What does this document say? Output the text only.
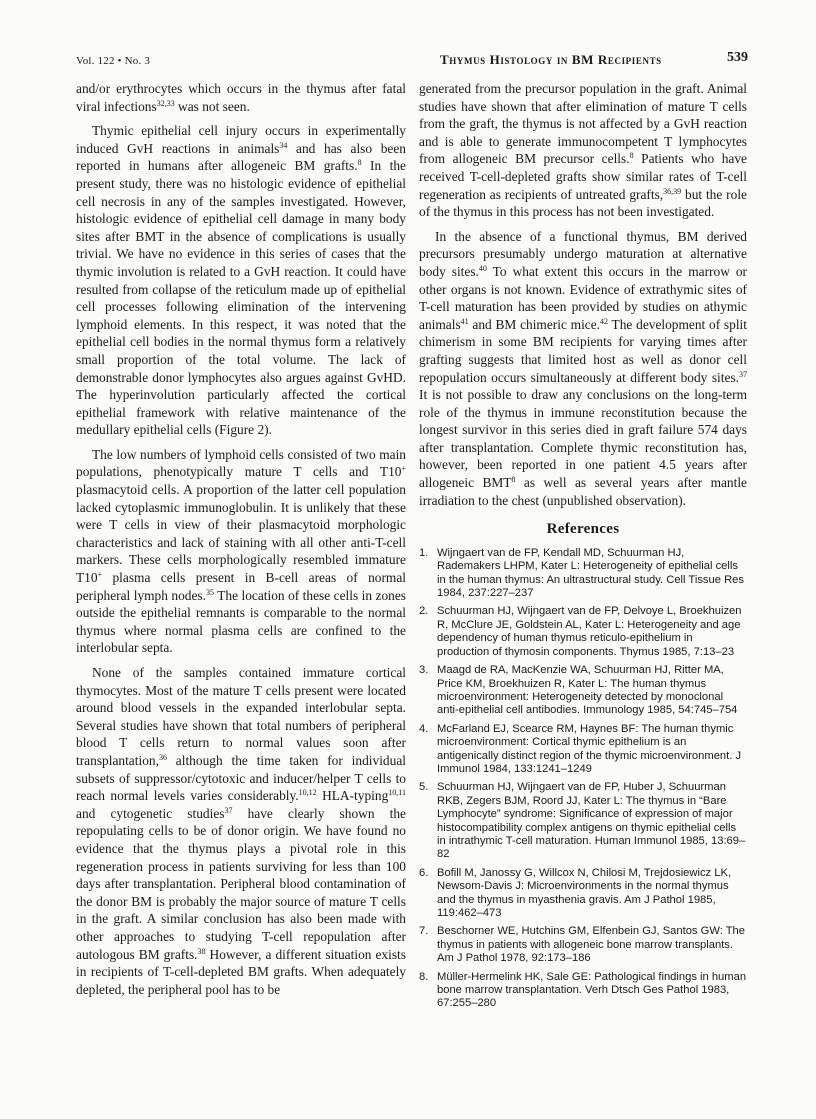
Vol. 122 • No. 3	Thymus Histology in BM Recipients	539

and/or erythrocytes which occurs in the thymus after fatal viral infections$^{32,33}$ was not seen.

Thymic epithelial cell injury occurs in experimentally induced GvH reactions in animals$^{34}$ and has also been reported in humans after allogeneic BM grafts.$^8$ In the present study, there was no histologic evidence of epithelial cell necrosis in any of the samples investigated. However, histologic evidence of epithelial cell damage in many body sites after BMT in the absence of complications is usually trivial. We have no evidence in this series of cases that the thymic involution is related to a GvH reaction. It could have resulted from collapse of the reticulum made up of epithelial cell processes following elimination of the intervening lymphoid elements. In this respect, it was noted that the epithelial cell bodies in the normal thymus form a relatively small proportion of the total volume. The lack of demonstrable donor lymphocytes also argues against GvHD. The hyperinvolution particularly affected the cortical epithelial framework with relative maintenance of the medullary epithelial cells (Figure 2).

The low numbers of lymphoid cells consisted of two main populations, phenotypically mature T cells and T10+ plasmacytoid cells. A proportion of the latter cell population lacked cytoplasmic immunoglobulin. It is unlikely that these were T cells in view of their plasmacytoid morphologic characteristics and lack of staining with all other anti-T-cell markers. These cells morphologically resembled immature T10+ plasma cells present in B-cell areas of normal peripheral lymph nodes.$^{35}$ The location of these cells in zones outside the epithelial remnants is comparable to the normal thymus where normal plasma cells are confined to the interlobular septa.

None of the samples contained immature cortical thymocytes. Most of the mature T cells present were located around blood vessels in the expanded interlobular septa. Several studies have shown that total numbers of peripheral blood T cells return to normal values soon after transplantation,$^{36}$ although the time taken for individual subsets of suppressor/cytotoxic and inducer/helper T cells to reach normal levels varies considerably.$^{10,12}$ HLA-typing$^{10,11}$ and cytogenetic studies$^{37}$ have clearly shown the repopulating cells to be of donor origin. We have found no evidence that the thymus plays a pivotal role in this regeneration process in patients surviving for less than 100 days after transplantation. Peripheral blood contamination of the donor BM is probably the major source of mature T cells in the graft. A similar conclusion has also been made with other approaches to studying T-cell repopulation after autologous BM grafts.$^{38}$ However, a different situation exists in recipients of T-cell-depleted BM grafts. When adequately depleted, the peripheral pool has to be

generated from the precursor population in the graft. Animal studies have shown that after elimination of mature T cells from the graft, the thymus is not affected by a GvH reaction and is able to generate immunocompetent T lymphocytes from allogeneic BM precursor cells.$^8$ Patients who have received T-cell-depleted grafts show similar rates of T-cell regeneration as recipients of untreated grafts,$^{36,39}$ but the role of the thymus in this process has not been investigated.

In the absence of a functional thymus, BM derived precursors presumably undergo maturation at alternative body sites.$^{40}$ To what extent this occurs in the marrow or other organs is not known. Evidence of extrathymic sites of T-cell maturation has been provided by studies on athymic animals$^{41}$ and BM chimeric mice.$^{42}$ The development of split chimerism in some BM recipients for varying times after grafting suggests that limited host as well as donor cell repopulation occurs simultaneously at different body sites.$^{37}$ It is not possible to draw any conclusions on the long-term role of the thymus in immune reconstitution because the longest survivor in this series died in graft failure 574 days after transplantation. Complete thymic reconstitution has, however, been reported in one patient 4.5 years after allogeneic BMT$^8$ as well as several years after mantle irradiation to the chest (unpublished observation).

References
1. Wijngaert van de FP, Kendall MD, Schuurman HJ, Rademakers LHPM, Kater L: Heterogeneity of epithelial cells in the human thymus: An ultrastructural study. Cell Tissue Res 1984, 237:227–237
2. Schuurman HJ, Wijngaert van de FP, Delvoye L, Broekhuizen R, McClure JE, Goldstein AL, Kater L: Heterogeneity and age dependency of human thymus reticulo-epithelium in production of thymosin components. Thymus 1985, 7:13–23
3. Maagd de RA, MacKenzie WA, Schuurman HJ, Ritter MA, Price KM, Broekhuizen R, Kater L: The human thymus microenvironment: Heterogeneity detected by monoclonal anti-epithelial cell antibodies. Immunology 1985, 54:745–754
4. McFarland EJ, Scearce RM, Haynes BF: The human thymic microenvironment: Cortical thymic epithelium is an antigenically distinct region of the thymic microenvironment. J Immunol 1984, 133:1241–1249
5. Schuurman HJ, Wijngaert van de FP, Huber J, Schuurman RKB, Zegers BJM, Roord JJ, Kater L: The thymus in “Bare Lymphocyte” syndrome: Significance of expression of major histocompatibility complex antigens on thymic epithelial cells in intrathymic T-cell maturation. Human Immunol 1985, 13:69–82
6. Bofill M, Janossy G, Willcox N, Chilosi M, Trejdosiewicz LK, Newsom-Davis J: Microenvironments in the normal thymus and the thymus in myasthenia gravis. Am J Pathol 1985, 119:462–473
7. Beschorner WE, Hutchins GM, Elfenbein GJ, Santos GW: The thymus in patients with allogeneic bone marrow transplants. Am J Pathol 1978, 92:173–186
8. Müller-Hermelink HK, Sale GE: Pathological findings in human bone marrow transplantation. Verh Dtsch Ges Pathol 1983, 67:255–280
